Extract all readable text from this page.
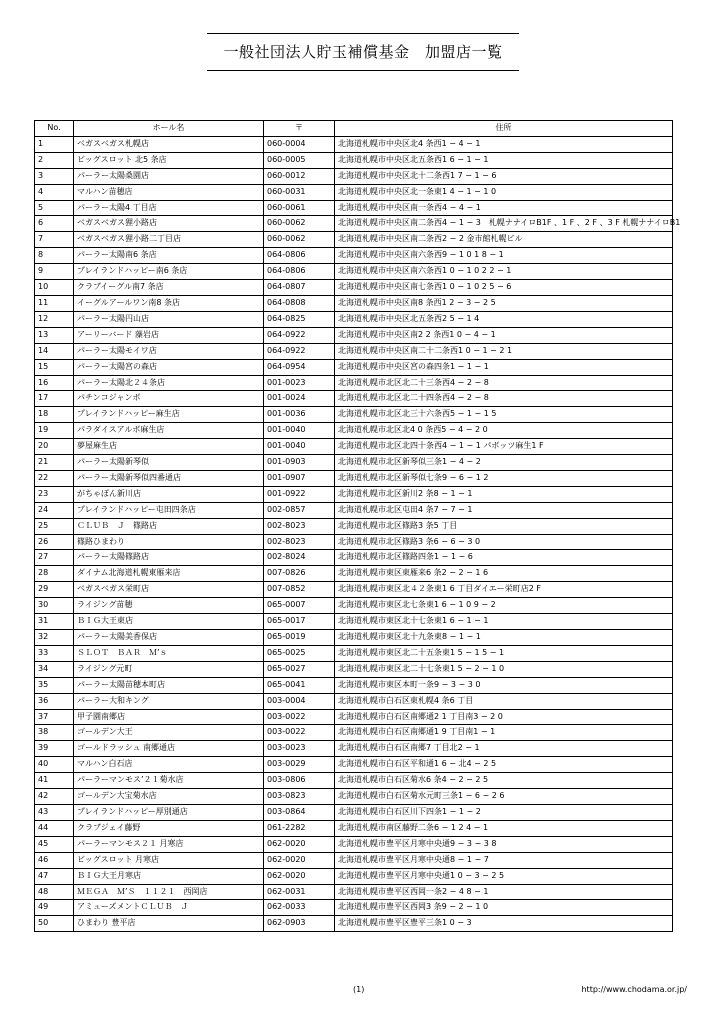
一般社団法人貯玉補償基金　加盟店一覧
No.	ホール名	〒	住所
1	ベガスベガス札幌店	060-0004	北海道札幌市中央区北4 条西1 − 4 − 1
2	ビッグスロット 北5 条店	060-0005	北海道札幌市中央区北五条西1 6 − 1 − 1
3	パーラー太陽桑園店	060-0012	北海道札幌市中央区北十二条西1 7 − 1 − 6
4	マルハン苗穂店	060-0031	北海道札幌市中央区北一条東1 4 − 1 − 1 0
5	パーラー太陽4 丁目店	060-0061	北海道札幌市中央区南一条西4 − 4 − 1
6	ベガスベガス狸小路店	060-0062	北海道札幌市中央区南二条西4 − 1 − 3　札幌ナナイロB1F 、1 F 、2 F 、3 F 札幌ナナイロB1
7	ベガスベガス狸小路二丁目店	060-0062	北海道札幌市中央区南二条西2 − 2 金市館札幌ビル
8	パーラー太陽南6 条店	064-0806	北海道札幌市中央区南六条西9 − 1 0 1 8 − 1
9	プレイランドハッピー南6 条店	064-0806	北海道札幌市中央区南六条西1 0 − 1 0 2 2 − 1
10	クラブイーグル南7 条店	064-0807	北海道札幌市中央区南七条西1 0 − 1 0 2 5 − 6
11	イーグルアールワン南8 条店	064-0808	北海道札幌市中央区南8 条西1 2 − 3 − 2 5
12	パーラー太陽円山店	064-0825	北海道札幌市中央区北五条西2 5 − 1 4
13	アーリーバード 藻岩店	064-0922	北海道札幌市中央区南2 2 条西1 0 − 4 − 1
14	パーラー太陽モイワ店	064-0922	北海道札幌市中央区南二十二条西1 0 − 1 − 2 1
15	パーラー太陽宮の森店	064-0954	北海道札幌市中央区宮の森四条1 − 1 − 1
16	パーラー太陽北２４条店	001-0023	北海道札幌市北区北二十三条西4 − 2 − 8
17	パチンコジャンボ	001-0024	北海道札幌市北区北二十四条西4 − 2 − 8
18	プレイランドハッピー麻生店	001-0036	北海道札幌市北区北三十六条西5 − 1 − 1 5
19	パラダイスアルボ麻生店	001-0040	北海道札幌市北区北4 0 条西5 − 4 − 2 0
20	夢屋麻生店	001-0040	北海道札幌市北区北四十条西4 − 1 − 1 パボッツ麻生1 F
21	パーラー太陽新琴似	001-0903	北海道札幌市北区新琴似三条1 − 4 − 2
22	パーラー太陽新琴似四番通店	001-0907	北海道札幌市北区新琴似七条9 − 6 − 1 2
23	がちゃぽん新川店	001-0922	北海道札幌市北区新川2 条8 − 1 − 1
24	プレイランドハッピー屯田四条店	002-0857	北海道札幌市北区屯田4 条7 − 7 − 1
25	ＣＬＵＢ　Ｊ　篠路店	002-8023	北海道札幌市北区篠路3 条5 丁目
26	篠路ひまわり	002-8023	北海道札幌市北区篠路3 条6 − 6 − 3 0
27	パーラー太陽篠路店	002-8024	北海道札幌市北区篠路四条1 − 1 − 6
28	ダイナム北海道札幌東雁来店	007-0826	北海道札幌市東区東雁来6 条2 − 2 − 1 6
29	ベガスベガス栄町店	007-0852	北海道札幌市東区北４２条東1 6 丁目ダイエー栄町店2 F
30	ライジング苗穂	065-0007	北海道札幌市東区北七条東1 6 − 1 0 9 − 2
31	ＢＩＧ大王東店	065-0017	北海道札幌市東区北十七条東1 6 − 1 − 1
32	パーラー太陽美香保店	065-0019	北海道札幌市東区北十九条東8 − 1 − 1
33	ＳＬＯＴ　ＢＡＲ　Ｍ’ｓ	065-0025	北海道札幌市東区北二十五条東1 5 − 1 5 − 1
34	ライジング元町	065-0027	北海道札幌市東区北二十七条東1 5 − 2 − 1 0
35	パーラー太陽苗穂本町店	065-0041	北海道札幌市東区本町一条9 − 3 − 3 0
36	パーラー大和キング	003-0004	北海道札幌市白石区東札幌4 条6 丁目
37	甲子園南郷店	003-0022	北海道札幌市白石区南郷通2 1 丁目南3 − 2 0
38	ゴールデン大王	003-0022	北海道札幌市白石区南郷通1 9 丁目南1 − 1
39	ゴールドラッシュ 南郷通店	003-0023	北海道札幌市白石区南郷7 丁目北2 − 1
40	マルハン白石店	003-0029	北海道札幌市白石区平和通1 6 − 北4 − 2 5
41	パーラーマンモス’２１菊水店	003-0806	北海道札幌市白石区菊水6 条4 − 2 − 2 5
42	ゴールデン大宝菊水店	003-0823	北海道札幌市白石区菊水元町三条1 − 6 − 2 6
43	プレイランドハッピー厚別通店	003-0864	北海道札幌市白石区川下四条1 − 1 − 2
44	クラブジェイ藤野	061-2282	北海道札幌市南区藤野二条6 − 1 2 4 − 1
45	パーラーマンモス２１ 月寒店	062-0020	北海道札幌市豊平区月寒中央通9 − 3 − 3 8
46	ビッグスロット 月寒店	062-0020	北海道札幌市豊平区月寒中央通8 − 1 − 7
47	ＢＩＧ大王月寒店	062-0020	北海道札幌市豊平区月寒中央通1 0 − 3 − 2 5
48	ＭＥＧＡ　Ｍ’Ｓ　１１２１　西岡店	062-0031	北海道札幌市豊平区西岡一条2 − 4 8 − 1
49	アミューズメントＣＬＵＢ　Ｊ	062-0033	北海道札幌市豊平区西岡3 条9 − 2 − 1 0
50	ひまわり 豊平店	062-0903	北海道札幌市豊平区豊平三条1 0 − 3
(1)	http://www.chodama.or.jp/
